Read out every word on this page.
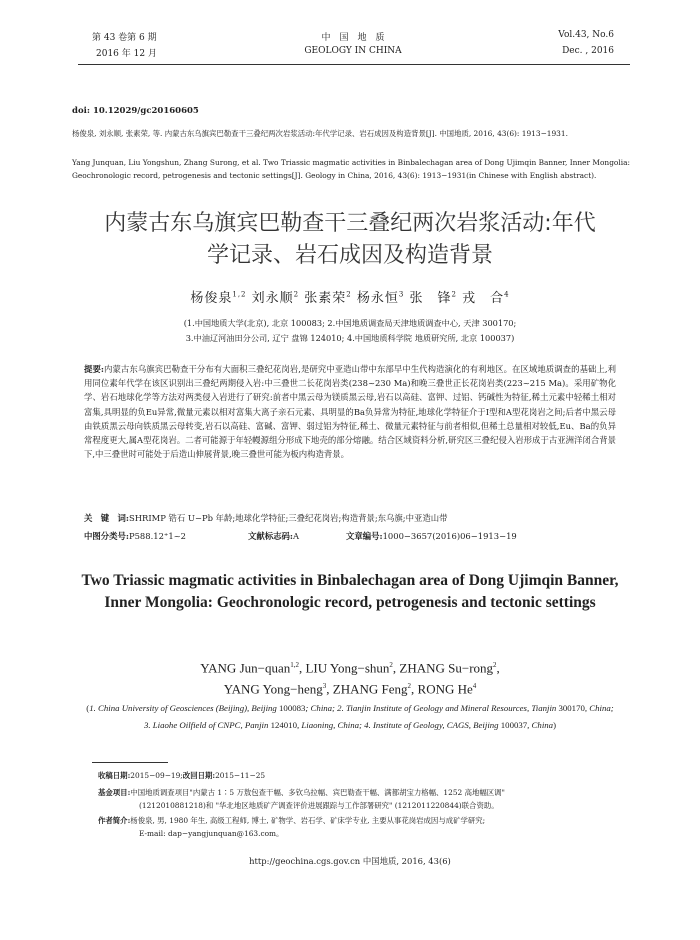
第 43 卷第 6 期
2016 年 12 月
中　国　地　质
GEOLOGY IN CHINA
Vol.43, No.6
Dec. , 2016
doi: 10.12029/gc20160605
杨俊泉, 刘永顺, 张素荣, 等. 内蒙古东乌旗宾巴勒查干三叠纪两次岩浆活动:年代学记录、岩石成因及构造背景[J]. 中国地质, 2016, 43(6): 1913−1931.
Yang Junquan, Liu Yongshun, Zhang Surong, et al. Two Triassic magmatic activities in Binbalechagan area of Dong Ujimqin Banner, Inner Mongolia: Geochronologic record, petrogenesis and tectonic settings[J]. Geology in China, 2016, 43(6): 1913−1931(in Chinese with English abstract).
内蒙古东乌旗宾巴勒查干三叠纪两次岩浆活动:年代
学记录、岩石成因及构造背景
杨俊泉$^{1,2}$ 刘永顺$^2$ 张素荣$^2$ 杨永恒$^3$ 张　锋$^2$ 戎　合$^4$
(1.中国地质大学(北京), 北京 100083; 2.中国地质调查局天津地质调查中心, 天津 300170;
3.中油辽河油田分公司, 辽宁 盘锦 124010; 4.中国地质科学院 地质研究所, 北京 100037)
提要:内蒙古东乌旗宾巴勒查干分布有大面积三叠纪花岗岩,是研究中亚造山带中东部早中生代构造演化的有利地区。在区域地质调查的基础上,利用同位素年代学在该区识别出三叠纪两期侵入岩:中三叠世二长花岗岩类(238~230 Ma)和晚三叠世正长花岗岩类(223~215 Ma)。采用矿物化学、岩石地球化学等方法对两类侵入岩进行了研究:前者中黑云母为镁质黑云母,岩石以高硅、富钾、过铝、钙碱性为特征,稀土元素中轻稀土相对富集,具明显的负Eu异常,微量元素以相对富集大离子亲石元素、具明显的Ba负异常为特征,地球化学特征介于I型和A型花岗岩之间;后者中黑云母由铁质黑云母向铁质黑云母转变,岩石以高硅、富碱、富钾、弱过铝为特征,稀土、微量元素特征与前者相似,但稀土总量相对较低,Eu、Ba的负异常程度更大,属A型花岗岩。二者可能源于年轻幔源组分形成下地壳的部分熔融。结合区域资料分析,研究区三叠纪侵入岩形成于古亚洲洋闭合背景下,中三叠世时可能处于后造山伸展背景,晚三叠世可能为板内构造背景。
关　键　词:SHRIMP 锆石 U−Pb 年龄;地球化学特征;三叠纪花岗岩;构造背景;东乌旗;中亚造山带
中图分类号:P588.12⁺1~2	文献标志码:A	文章编号:1000−3657(2016)06−1913−19
Two Triassic magmatic activities in Binbalechagan area of Dong Ujimqin Banner, Inner Mongolia: Geochronologic record, petrogenesis and tectonic settings
YANG Jun−quan$^{1,2}$, LIU Yong−shun$^2$, ZHANG Su−rong$^2$,
YANG Yong−heng$^3$, ZHANG Feng$^2$, RONG He$^4$
(1. China University of Geosciences (Beijing), Beijing 100083; China; 2. Tianjin Institute of Geology and Mineral Resources, Tianjin 300170, China; 3. Liaohe Oilfield of CNPC, Panjin 124010, Liaoning, China; 4. Institute of Geology, CAGS, Beijing 100037, China)
收稿日期:2015−09−19;改回日期:2015−11−25
基金项目:中国地质调查项目"内蒙古 1∶5 万敖包查干幅、多钦乌拉幅、宾巴勒查干幅、满都胡宝力格幅、1252 高地幅区调"
(1212010881218)和 "华北地区地质矿产调查评价进展跟踪与工作部署研究" (1212011220844)联合资助。
作者简介:杨俊泉, 男, 1980 年生, 高级工程师, 博士, 矿物学、岩石学、矿床学专业, 主要从事花岗岩成因与成矿学研究;
E-mail: dap−yangjunquan@163.com。
http://geochina.cgs.gov.cn 中国地质, 2016, 43(6)
